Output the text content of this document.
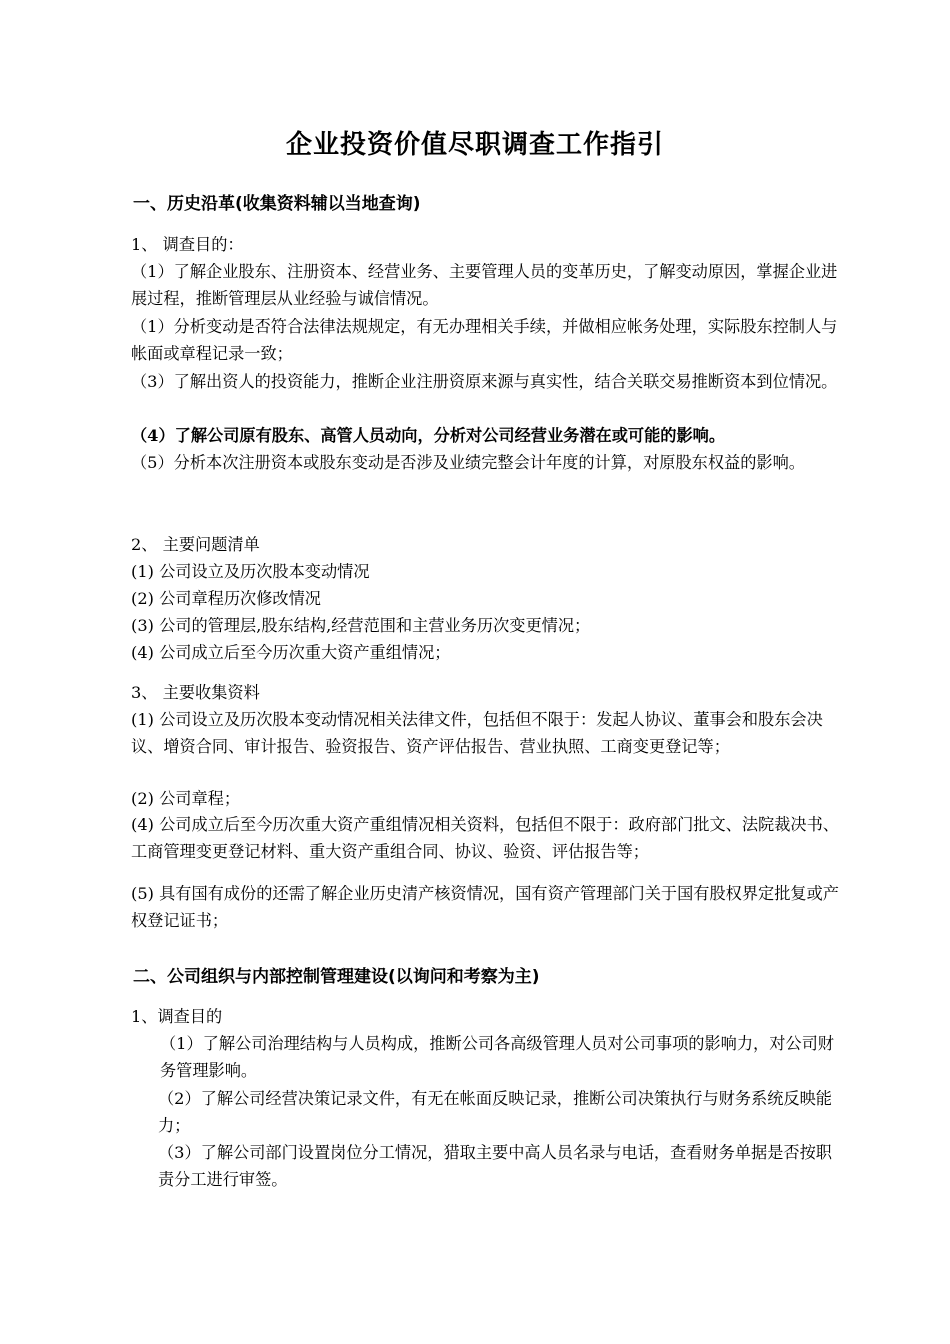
企业投资价值尽职调查工作指引
一、历史沿革(收集资料辅以当地查询)
1、 调查目的：
（1）了解企业股东、注册资本、经营业务、主要管理人员的变革历史，了解变动原因，掌握企业进展过程，推断管理层从业经验与诚信情况。
（1）分析变动是否符合法律法规规定，有无办理相关手续，并做相应帐务处理，实际股东控制人与帐面或章程记录一致；
（3）了解出资人的投资能力，推断企业注册资原来源与真实性，结合关联交易推断资本到位情况。
（4）了解公司原有股东、高管人员动向，分析对公司经营业务潜在或可能的影响。
（5）分析本次注册资本或股东变动是否涉及业绩完整会计年度的计算，对原股东权益的影响。
2、 主要问题清单
(1) 公司设立及历次股本变动情况
(2) 公司章程历次修改情况
(3) 公司的管理层,股东结构,经营范围和主营业务历次变更情况；
(4) 公司成立后至今历次重大资产重组情况；
3、 主要收集资料
(1) 公司设立及历次股本变动情况相关法律文件，包括但不限于：发起人协议、董事会和股东会决议、增资合同、审计报告、验资报告、资产评估报告、营业执照、工商变更登记等；
(2) 公司章程；
(4) 公司成立后至今历次重大资产重组情况相关资料，包括但不限于：政府部门批文、法院裁决书、工商管理变更登记材料、重大资产重组合同、协议、验资、评估报告等；
(5) 具有国有成份的还需了解企业历史清产核资情况，国有资产管理部门关于国有股权界定批复或产权登记证书；
二、公司组织与内部控制管理建设(以询问和考察为主)
1、调查目的
（1）了解公司治理结构与人员构成，推断公司各高级管理人员对公司事项的影响力，对公司财务管理影响。
（2）了解公司经营决策记录文件，有无在帐面反映记录，推断公司决策执行与财务系统反映能力；
（3）了解公司部门设置岗位分工情况，猎取主要中高人员名录与电话，查看财务单据是否按职责分工进行审签。
